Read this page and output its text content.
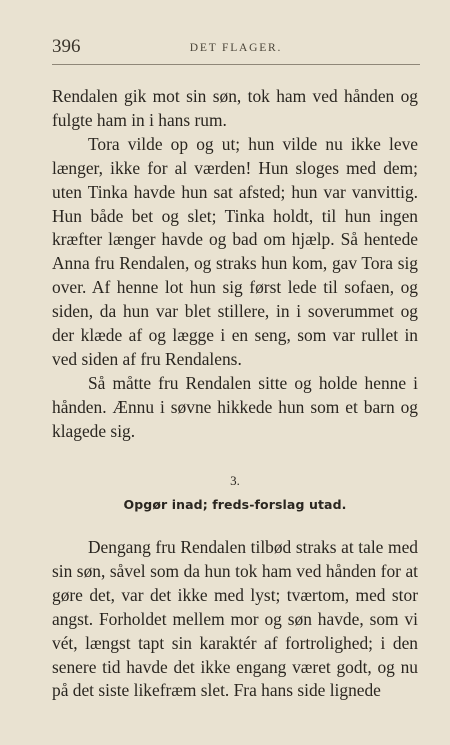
396	DET FLAGER.

Rendalen gik mot sin søn, tok ham ved hånden og fulgte ham in i hans rum.

Tora vilde op og ut; hun vilde nu ikke leve længer, ikke for al værden! Hun sloges med dem; uten Tinka havde hun sat afsted; hun var vanvittig. Hun både bet og slet; Tinka holdt, til hun ingen kræfter længer havde og bad om hjælp. Så hentede Anna fru Rendalen, og straks hun kom, gav Tora sig over. Af henne lot hun sig først lede til sofaen, og siden, da hun var blet stillere, in i soverummet og der klæde af og lægge i en seng, som var rullet in ved siden af fru Rendalens.

Så måtte fru Rendalen sitte og holde henne i hånden. Ænnu i søvne hikkede hun som et barn og klagede sig.

3.
Opgør inad; freds-forslag utad.

Dengang fru Rendalen tilbød straks at tale med sin søn, såvel som da hun tok ham ved hånden for at gøre det, var det ikke med lyst; tværtom, med stor angst. Forholdet mellem mor og søn havde, som vi vét, længst tapt sin karaktér af fortrolighed; i den senere tid havde det ikke engang været godt, og nu på det siste likefræm slet. Fra hans side lignede
